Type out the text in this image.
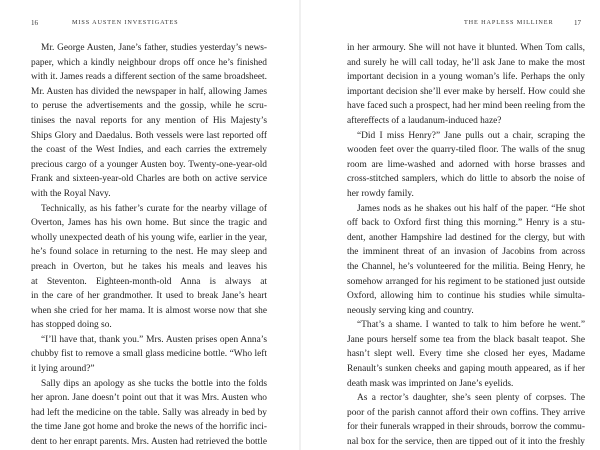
16	MISS AUSTEN INVESTIGATES
Mr. George Austen, Jane’s father, studies yesterday’s news-
paper, which a kindly neighbour drops off once he’s finished
with it. James reads a different section of the same broadsheet.
Mr. Austen has divided the newspaper in half, allowing James
to peruse the advertisements and the gossip, while he scru-
tinises the naval reports for any mention of His Majesty’s
Ships Glory and Daedalus. Both vessels were last reported off
the coast of the West Indies, and each carries the extremely
precious cargo of a younger Austen boy. Twenty-one-year-old
Frank and sixteen-year-old Charles are both on active service
with the Royal Navy.
Technically, as his father’s curate for the nearby village of
Overton, James has his own home. But since the tragic and
wholly unexpected death of his young wife, earlier in the year,
he’s found solace in returning to the nest. He may sleep and
preach in Overton, but he takes his meals and leaves his
at Steventon. Eighteen-month-old Anna is always at
in the care of her grandmother. It used to break Jane’s heart
when she cried for her mama. It is almost worse now that she
has stopped doing so.
“I’ll have that, thank you.” Mrs. Austen prises open Anna’s
chubby fist to remove a small glass medicine bottle. “Who left
it lying around?”
Sally dips an apology as she tucks the bottle into the folds
her apron. Jane doesn’t point out that it was Mrs. Austen who
had left the medicine on the table. Sally was already in bed by
the time Jane got home and broke the news of the horrific inci-
dent to her enrapt parents. Mrs. Austen had retrieved the bottle
THE HAPLESS MILLINER	17
in her armoury. She will not have it blunted. When Tom calls,
and surely he will call today, he’ll ask Jane to make the most
important decision in a young woman’s life. Perhaps the only
important decision she’ll ever make by herself. How could she
have faced such a prospect, had her mind been reeling from the
aftereffects of a laudanum-induced haze?
“Did I miss Henry?” Jane pulls out a chair, scraping the
wooden feet over the quarry-tiled floor. The walls of the snug
room are lime-washed and adorned with horse brasses and
cross-stitched samplers, which do little to absorb the noise of
her rowdy family.
James nods as he shakes out his half of the paper. “He shot
off back to Oxford first thing this morning.” Henry is a stu-
dent, another Hampshire lad destined for the clergy, but with
the imminent threat of an invasion of Jacobins from across
the Channel, he’s volunteered for the militia. Being Henry, he
somehow arranged for his regiment to be stationed just outside
Oxford, allowing him to continue his studies while simulta-
neously serving king and country.
“That’s a shame. I wanted to talk to him before he went.”
Jane pours herself some tea from the black basalt teapot. She
hasn’t slept well. Every time she closed her eyes, Madame
Renault’s sunken cheeks and gaping mouth appeared, as if her
death mask was imprinted on Jane’s eyelids.
As a rector’s daughter, she’s seen plenty of corpses. The
poor of the parish cannot afford their own coffins. They arrive
for their funerals wrapped in their shrouds, borrow the commu-
nal box for the service, then are tipped out of it into the freshly
